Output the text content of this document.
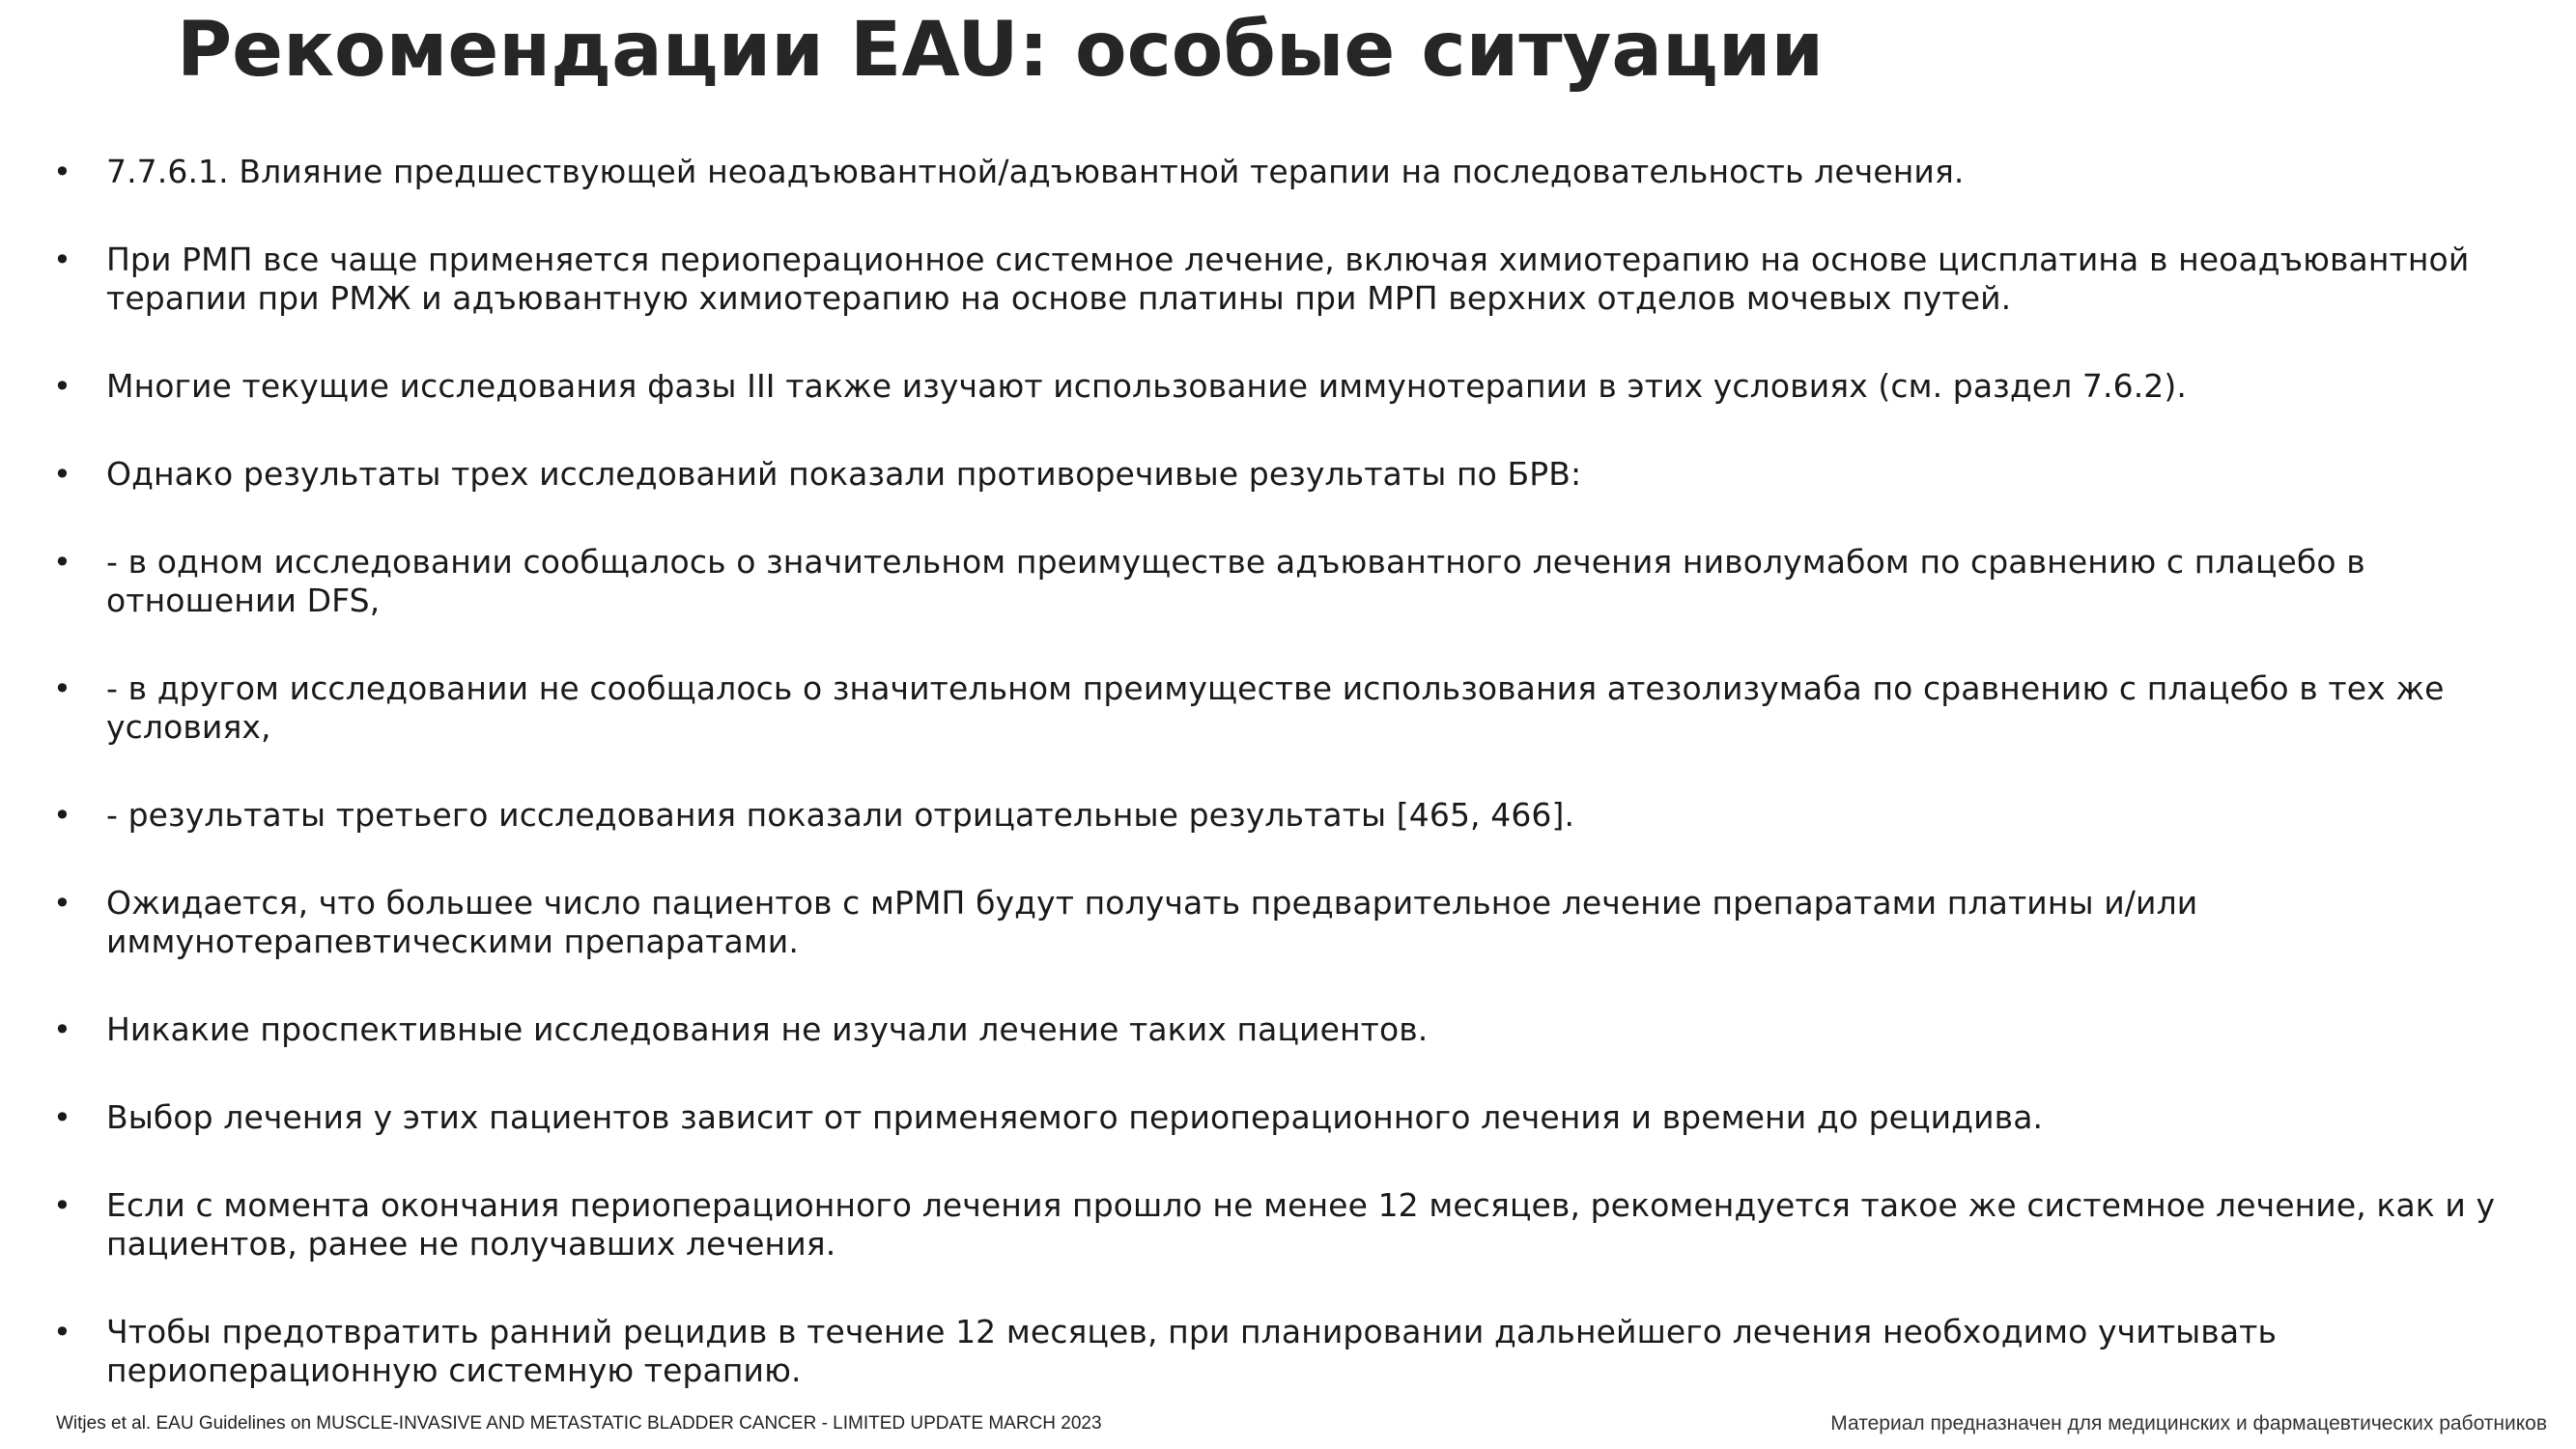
Рекомендации EAU: особые ситуации
• 7.7.6.1. Влияние предшествующей неоадъювантной/адъювантной терапии на последовательность лечения.
• При РМП все чаще применяется периоперационное системное лечение, включая химиотерапию на основе цисплатина в неоадъювантной терапии при РМЖ и адъювантную химиотерапию на основе платины при МРП верхних отделов мочевых путей.
• Многие текущие исследования фазы III также изучают использование иммунотерапии в этих условиях (см. раздел 7.6.2).
• Однако результаты трех исследований показали противоречивые результаты по БРВ:
• - в одном исследовании сообщалось о значительном преимуществе адъювантного лечения ниволумабом по сравнению с плацебо в отношении DFS,
• - в другом исследовании не сообщалось о значительном преимуществе использования атезолизумаба по сравнению с плацебо в тех же условиях,
• - результаты третьего исследования показали отрицательные результаты [465, 466].
• Ожидается, что большее число пациентов с мРМП будут получать предварительное лечение препаратами платины и/или иммунотерапевтическими препаратами.
• Никакие проспективные исследования не изучали лечение таких пациентов.
• Выбор лечения у этих пациентов зависит от применяемого периоперационного лечения и времени до рецидива.
• Если с момента окончания периоперационного лечения прошло не менее 12 месяцев, рекомендуется такое же системное лечение, как и у пациентов, ранее не получавших лечения.
• Чтобы предотвратить ранний рецидив в течение 12 месяцев, при планировании дальнейшего лечения необходимо учитывать периоперационную системную терапию.
Witjes et al. EAU Guidelines on MUSCLE-INVASIVE AND METASTATIC BLADDER CANCER - LIMITED UPDATE MARCH 2023	Материал предназначен для медицинских и фармацевтических работников
